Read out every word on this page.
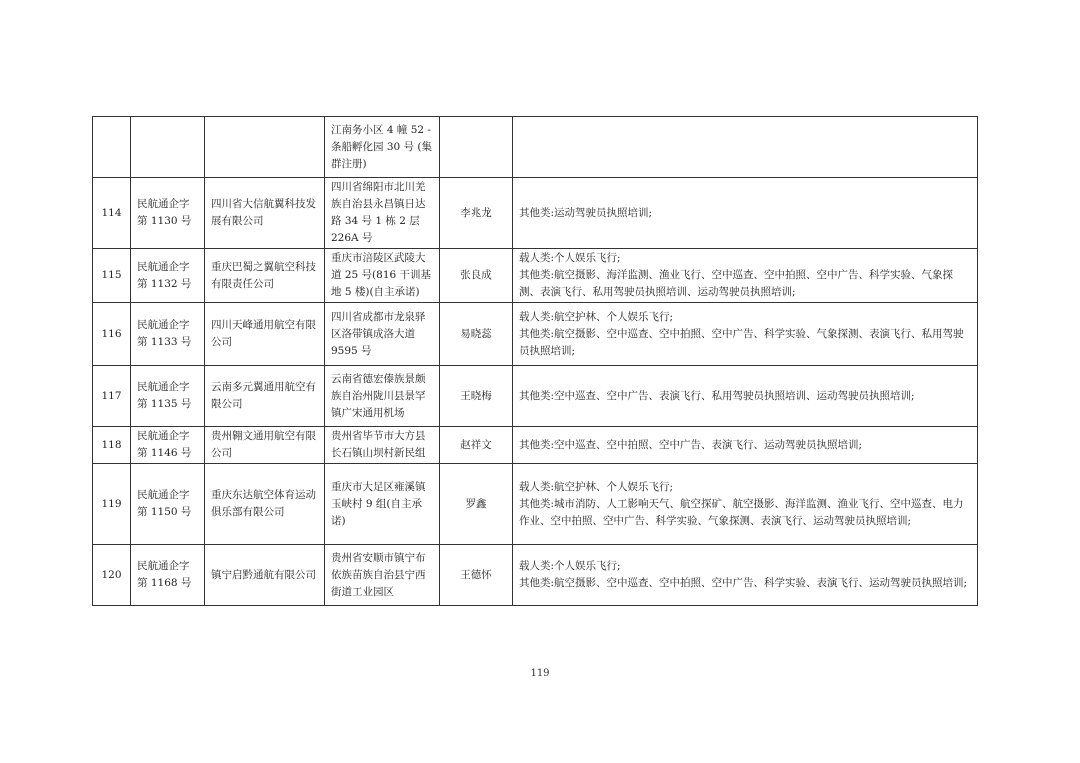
			江南务小区 4 幢 52 -条船孵化园 30 号 (集群注册)		
114	民航通企字第 1130 号	四川省大信航翼科技发展有限公司	四川省绵阳市北川羌族自治县永昌镇日达路 34 号 1 栋 2 层 226A 号	李兆龙	其他类:运动驾驶员执照培训;

115	民航通企字第 1132 号	重庆巴蜀之翼航空科技有限责任公司	重庆市涪陵区武陵大道 25 号(816 干训基地 5 楼)(自主承诺)	张良成	载人类:个人娱乐飞行;
其他类:航空摄影、海洋监测、渔业飞行、空中巡查、空中拍照、空中广告、科学实验、气象探测、表演飞行、私用驾驶员执照培训、运动驾驶员执照培训;

116	民航通企字第 1133 号	四川天峰通用航空有限公司	四川省成都市龙泉驿区洛带镇成洛大道 9595 号	易晓蕊	载人类:航空护林、个人娱乐飞行;
其他类:航空摄影、空中巡查、空中拍照、空中广告、科学实验、气象探测、表演飞行、私用驾驶员执照培训;

117	民航通企字第 1135 号	云南多元翼通用航空有限公司	云南省德宏傣族景颇族自治州陇川县景罕镇广宋通用机场	王晓梅	其他类:空中巡查、空中广告、表演飞行、私用驾驶员执照培训、运动驾驶员执照培训;

118	民航通企字第 1146 号	贵州翱文通用航空有限公司	贵州省毕节市大方县长石镇山坝村新民组	赵祥文	其他类:空中巡查、空中拍照、空中广告、表演飞行、运动驾驶员执照培训;

119	民航通企字第 1150 号	重庆东达航空体育运动俱乐部有限公司	重庆市大足区雍溪镇玉峡村 9 组(自主承诺)	罗鑫	载人类:航空护林、个人娱乐飞行;
其他类:城市消防、人工影响天气、航空探矿、航空摄影、海洋监测、渔业飞行、空中巡查、电力作业、空中拍照、空中广告、科学实验、气象探测、表演飞行、运动驾驶员执照培训;

120	民航通企字第 1168 号	镇宁启黔通航有限公司	贵州省安顺市镇宁布依族苗族自治县宁西街道工业园区	王德怀	载人类:个人娱乐飞行;
其他类:航空摄影、空中巡查、空中拍照、空中广告、科学实验、表演飞行、运动驾驶员执照培训;
119
